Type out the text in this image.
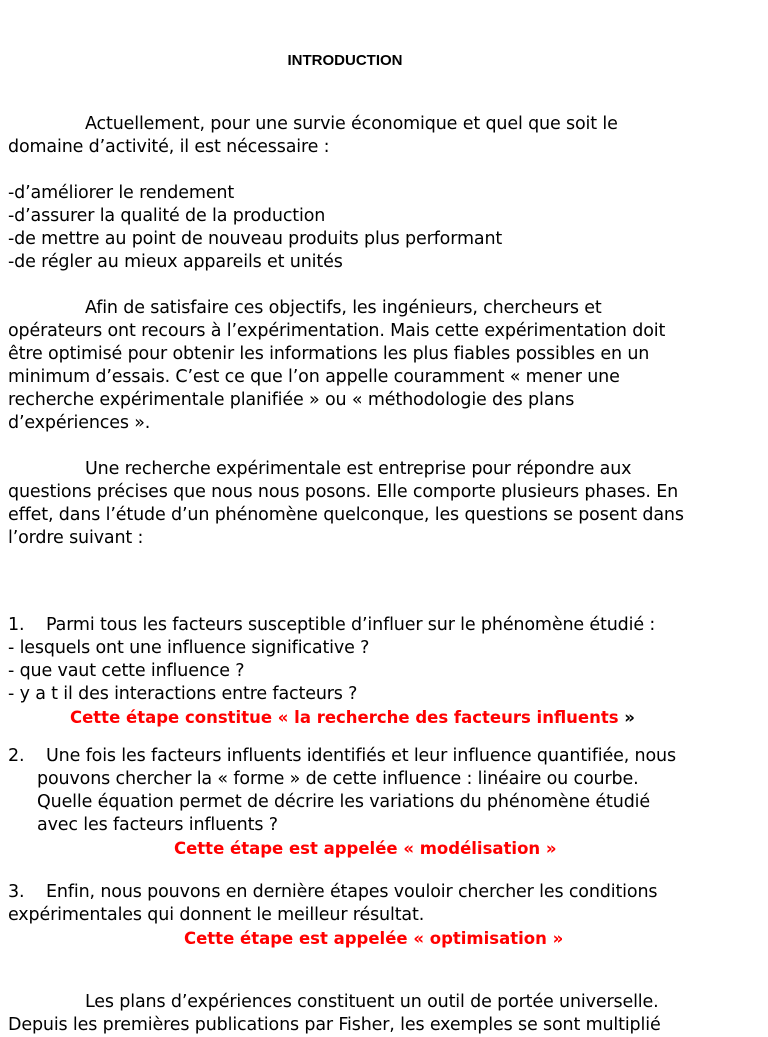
INTRODUCTION
Actuellement, pour une survie économique et quel que soit le
domaine d’activité, il est nécessaire :
-d’améliorer le rendement
-d’assurer la qualité de la production
-de mettre au point de nouveau produits plus performant
-de régler au mieux appareils et unités
Afin de satisfaire ces objectifs, les ingénieurs, chercheurs et
opérateurs ont recours à l’expérimentation. Mais cette expérimentation doit
être optimisé pour obtenir les informations les plus fiables possibles en un
minimum d’essais. C’est ce que l’on appelle couramment « mener une
recherche expérimentale planifiée » ou « méthodologie des plans
d’expériences ».
Une recherche expérimentale est entreprise pour répondre aux
questions précises que nous nous posons. Elle comporte plusieurs phases. En
effet, dans l’étude d’un phénomène quelconque, les questions se posent dans
l’ordre suivant :
1. Parmi tous les facteurs susceptible d’influer sur le phénomène étudié :
- lesquels ont une influence significative ?
- que vaut cette influence ?
- y a t il des interactions entre facteurs ?
Cette étape constitue « la recherche des facteurs influents »
2. Une fois les facteurs influents identifiés et leur influence quantifiée, nous
pouvons chercher la « forme » de cette influence : linéaire ou courbe.
Quelle équation permet de décrire les variations du phénomène étudié
avec les facteurs influents ?
Cette étape est appelée « modélisation »
3. Enfin, nous pouvons en dernière étapes vouloir chercher les conditions
expérimentales qui donnent le meilleur résultat.
Cette étape est appelée « optimisation »
Les plans d’expériences constituent un outil de portée universelle.
Depuis les premières publications par Fisher, les exemples se sont multiplié
